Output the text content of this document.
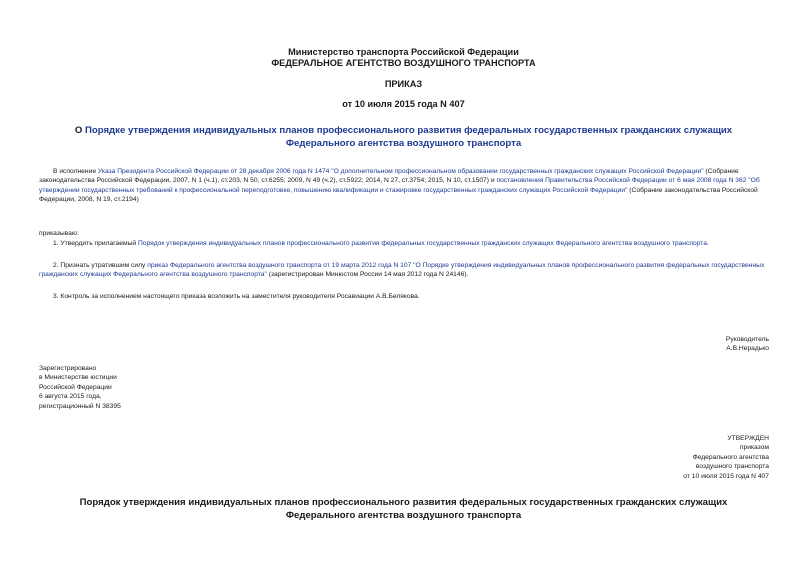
Министерство транспорта Российской Федерации
ФЕДЕРАЛЬНОЕ АГЕНТСТВО ВОЗДУШНОГО ТРАНСПОРТА
ПРИКАЗ
от 10 июля 2015 года N 407
О Порядке утверждения индивидуальных планов профессионального развития федеральных государственных гражданских служащих Федерального агентства воздушного транспорта
В исполнение Указа Президента Российской Федерации от 28 декабря 2006 года N 1474 "О дополнительном профессиональном образовании государственных гражданских служащих Российской Федерации" (Собрание законодательства Российской Федерации, 2007, N 1 (ч.1), ст.203, N 50, ст.6255; 2009, N 49 (ч.2), ст.5922; 2014, N 27, ст.3754; 2015, N 10, ст.1507) и постановления Правительства Российской Федерации от 6 мая 2008 года N 362 "Об утверждении государственных требований к профессиональной переподготовке, повышению квалификации и стажировке государственных гражданских служащих Российской Федерации" (Собрание законодательства Российской Федерации, 2008, N 19, ст.2194)
приказываю:
1. Утвердить прилагаемый Порядок утверждения индивидуальных планов профессионального развития федеральных государственных гражданских служащих Федерального агентства воздушного транспорта.
2. Признать утратившим силу приказ Федерального агентства воздушного транспорта от 19 марта 2012 года N 107 "О Порядке утверждения индивидуальных планов профессионального развития федеральных государственных гражданских служащих Федерального агентства воздушного транспорта" (зарегистрирован Минюстом России 14 мая 2012 года N 24146).
3. Контроль за исполнением настоящего приказа возложить на заместителя руководителя Росавиации А.В.Белякова.
Руководитель
А.В.Нерадько
Зарегистрировано
в Министерстве юстиции
Российской Федерации
6 августа 2015 года,
регистрационный N 38395
УТВЕРЖДЕН
приказом
Федерального агентства
воздушного транспорта
от 10 июля 2015 года N 407
Порядок утверждения индивидуальных планов профессионального развития федеральных государственных гражданских служащих Федерального агентства воздушного транспорта
